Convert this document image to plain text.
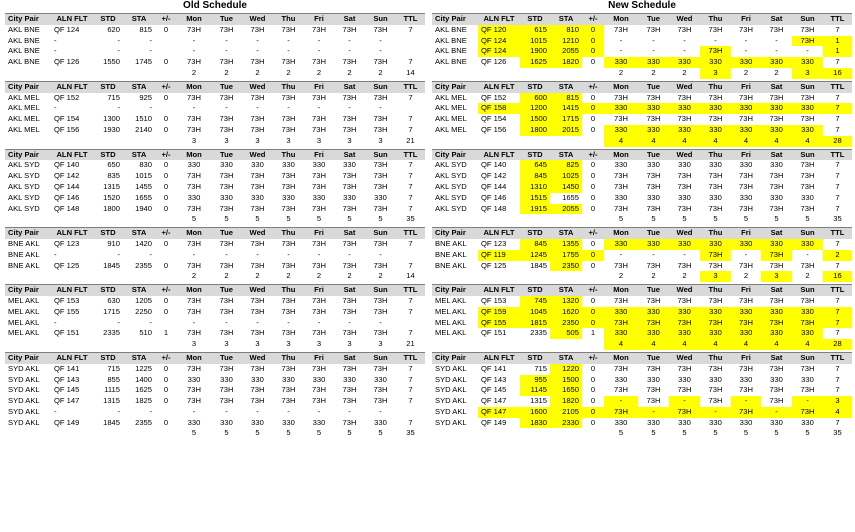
Old Schedule	New Schedule
City Pair	ALN FLT	STD	STA	+/-	Mon	Tue	Wed	Thu	Fri	Sat	Sun	TTL
AKL BNE	QF 124	620	815	0	73H	73H	73H	73H	73H	73H	73H	7
AKL BNE	-	-	-		-	-	-	-	-	-	-	
AKL BNE	-	-	-		-	-	-	-	-	-	-	
AKL BNE	QF 126	1550	1745	0	73H	73H	73H	73H	73H	73H	73H	7
					2	2	2	2	2	2	2	14

City Pair	ALN FLT	STD	STA	+/-	Mon	Tue	Wed	Thu	Fri	Sat	Sun	TTL
AKL MEL	QF 152	715	925	0	73H	73H	73H	73H	73H	73H	73H	7
AKL MEL	-	-	-		-	-	-	-	-	-	-	
AKL MEL	QF 154	1300	1510	0	73H	73H	73H	73H	73H	73H	73H	7
AKL MEL	QF 156	1930	2140	0	73H	73H	73H	73H	73H	73H	73H	7
					3	3	3	3	3	3	3	21

City Pair	ALN FLT	STD	STA	+/-	Mon	Tue	Wed	Thu	Fri	Sat	Sun	TTL
AKL SYD	QF 140	650	830	0	330	330	330	330	330	330	73H	7
AKL SYD	QF 142	835	1015	0	73H	73H	73H	73H	73H	73H	73H	7
AKL SYD	QF 144	1315	1455	0	73H	73H	73H	73H	73H	73H	73H	7
AKL SYD	QF 146	1520	1655	0	330	330	330	330	330	330	330	7
AKL SYD	QF 148	1800	1940	0	73H	73H	73H	73H	73H	73H	73H	7
					5	5	5	5	5	5	5	35

City Pair	ALN FLT	STD	STA	+/-	Mon	Tue	Wed	Thu	Fri	Sat	Sun	TTL
BNE AKL	QF 123	910	1420	0	73H	73H	73H	73H	73H	73H	73H	7
BNE AKL	-	-	-		-	-	-	-	-	-	-	
BNE AKL	QF 125	1845	2355	0	73H	73H	73H	73H	73H	73H	73H	7
					2	2	2	2	2	2	2	14

City Pair	ALN FLT	STD	STA	+/-	Mon	Tue	Wed	Thu	Fri	Sat	Sun	TTL
MEL AKL	QF 153	630	1205	0	73H	73H	73H	73H	73H	73H	73H	7
MEL AKL	QF 155	1715	2250	0	73H	73H	73H	73H	73H	73H	73H	7
MEL AKL	-	-	-		-	-	-	-	-	-	-	
MEL AKL	QF 151	2335	510	1	73H	73H	73H	73H	73H	73H	73H	7
					3	3	3	3	3	3	3	21

City Pair	ALN FLT	STD	STA	+/-	Mon	Tue	Wed	Thu	Fri	Sat	Sun	TTL
SYD AKL	QF 141	715	1225	0	73H	73H	73H	73H	73H	73H	73H	7
SYD AKL	QF 143	855	1400	0	330	330	330	330	330	330	330	7
SYD AKL	QF 145	1115	1625	0	73H	73H	73H	73H	73H	73H	73H	7
SYD AKL	QF 147	1315	1825	0	73H	73H	73H	73H	73H	73H	73H	7
SYD AKL	-	-	-		-	-	-	-	-	-	-	
SYD AKL	QF 149	1845	2355	0	330	330	330	330	330	73H	330	7
					5	5	5	5	5	5	5	35
City Pair	ALN FLT	STD	STA	+/-	Mon	Tue	Wed	Thu	Fri	Sat	Sun	TTL
AKL BNE	QF 120	615	810	0	73H	73H	73H	73H	73H	73H	73H	7
AKL BNE	QF 124	1015	1210	0	-	-	-	-	-	-	73H	1
AKL BNE	QF 124	1900	2055	0	-	-	-	73H	-	-	-	1
AKL BNE	QF 126	1625	1820	0	330	330	330	330	330	330	330	7
					2	2	2	3	2	2	3	16

City Pair	ALN FLT	STD	STA	+/-	Mon	Tue	Wed	Thu	Fri	Sat	Sun	TTL
AKL MEL	QF 152	600	815	0	73H	73H	73H	73H	73H	73H	73H	7
AKL MEL	QF 158	1200	1415	0	330	330	330	330	330	330	330	7
AKL MEL	QF 154	1500	1715	0	73H	73H	73H	73H	73H	73H	73H	7
AKL MEL	QF 156	1800	2015	0	330	330	330	330	330	330	330	7
					4	4	4	4	4	4	4	28

City Pair	ALN FLT	STD	STA	+/-	Mon	Tue	Wed	Thu	Fri	Sat	Sun	TTL
AKL SYD	QF 140	645	825	0	330	330	330	330	330	330	73H	7
AKL SYD	QF 142	845	1025	0	73H	73H	73H	73H	73H	73H	73H	7
AKL SYD	QF 144	1310	1450	0	73H	73H	73H	73H	73H	73H	73H	7
AKL SYD	QF 146	1515	1655	0	330	330	330	330	330	330	330	7
AKL SYD	QF 148	1915	2055	0	73H	73H	73H	73H	73H	73H	73H	7
					5	5	5	5	5	5	5	35

City Pair	ALN FLT	STD	STA	+/-	Mon	Tue	Wed	Thu	Fri	Sat	Sun	TTL
BNE AKL	QF 123	845	1355	0	330	330	330	330	330	330	330	7
BNE AKL	QF 119	1245	1755	0	-	-	-	73H	-	73H	-	2
BNE AKL	QF 125	1845	2350	0	73H	73H	73H	73H	73H	73H	73H	7
					2	2	2	3	2	3	2	16

City Pair	ALN FLT	STD	STA	+/-	Mon	Tue	Wed	Thu	Fri	Sat	Sun	TTL
MEL AKL	QF 153	745	1320	0	73H	73H	73H	73H	73H	73H	73H	7
MEL AKL	QF 159	1045	1620	0	330	330	330	330	330	330	330	7
MEL AKL	QF 155	1815	2350	0	73H	73H	73H	73H	73H	73H	73H	7
MEL AKL	QF 151	2335	505	1	330	330	330	330	330	330	330	7
					4	4	4	4	4	4	4	28

City Pair	ALN FLT	STD	STA	+/-	Mon	Tue	Wed	Thu	Fri	Sat	Sun	TTL
SYD AKL	QF 141	715	1220	0	73H	73H	73H	73H	73H	73H	73H	7
SYD AKL	QF 143	955	1500	0	330	330	330	330	330	330	330	7
SYD AKL	QF 145	1145	1650	0	73H	73H	73H	73H	73H	73H	73H	7
SYD AKL	QF 147	1315	1820	0	-	73H	-	73H	-	73H	-	3
SYD AKL	QF 147	1600	2105	0	73H	-	73H	-	73H	-	73H	4
SYD AKL	QF 149	1830	2330	0	330	330	330	330	330	330	330	7
					5	5	5	5	5	5	5	35
